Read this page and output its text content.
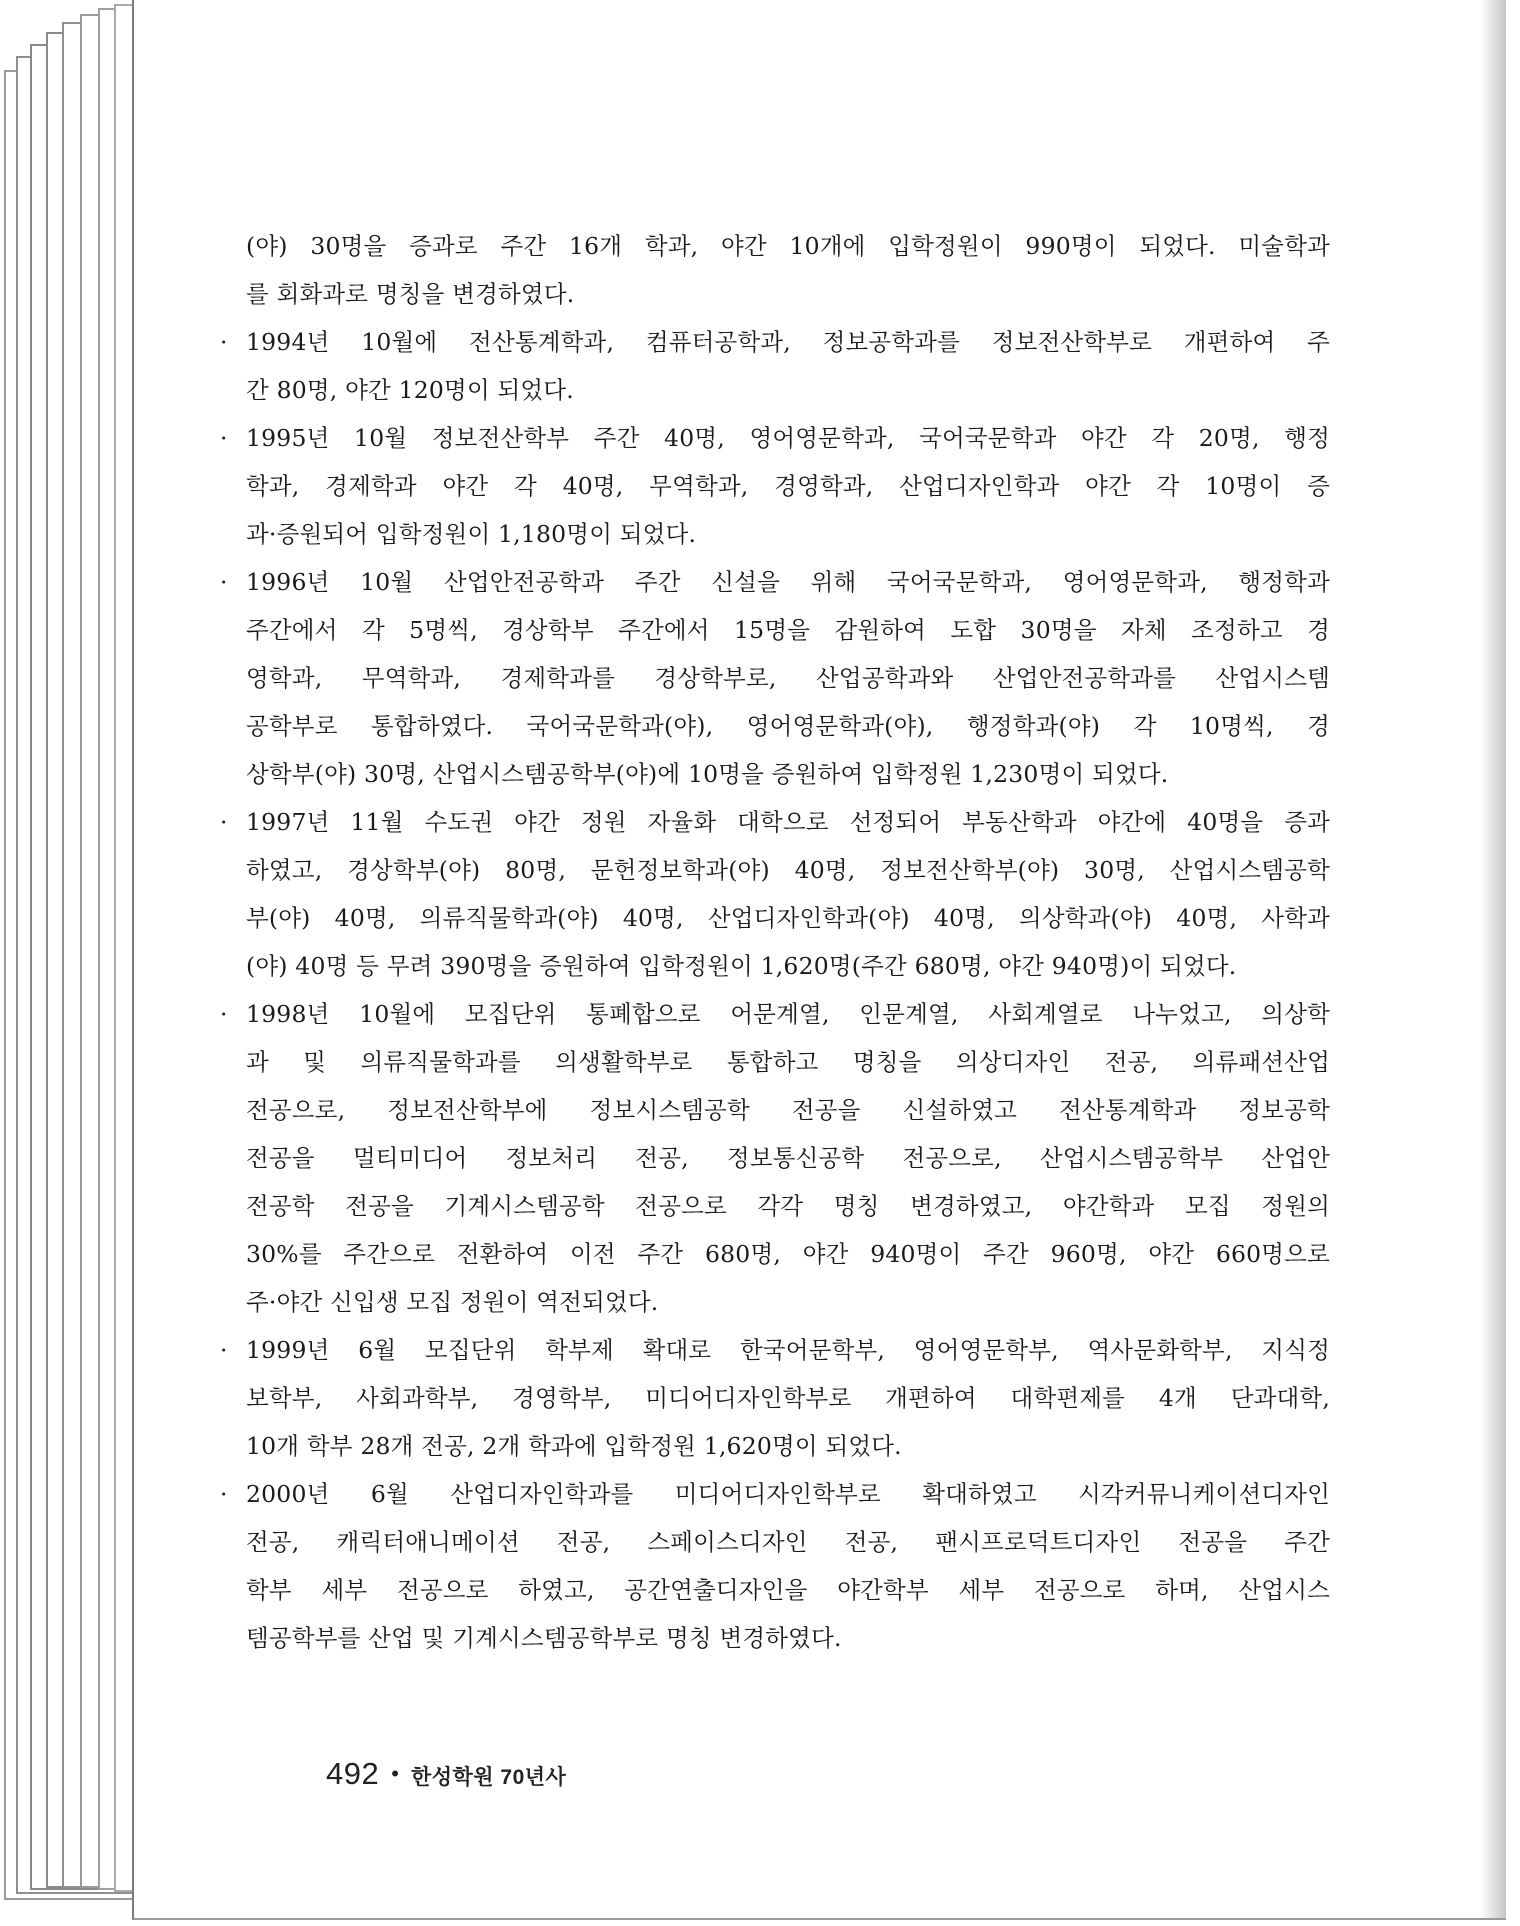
(야) 30명을 증과로 주간 16개 학과, 야간 10개에 입학정원이 990명이 되었다. 미술학과
를 회화과로 명칭을 변경하였다.
· 1994년 10월에 전산통계학과, 컴퓨터공학과, 정보공학과를 정보전산학부로 개편하여 주
간 80명, 야간 120명이 되었다.
· 1995년 10월 정보전산학부 주간 40명, 영어영문학과, 국어국문학과 야간 각 20명, 행정
학과, 경제학과 야간 각 40명, 무역학과, 경영학과, 산업디자인학과 야간 각 10명이 증
과·증원되어 입학정원이 1,180명이 되었다.
· 1996년 10월 산업안전공학과 주간 신설을 위해 국어국문학과, 영어영문학과, 행정학과
주간에서 각 5명씩, 경상학부 주간에서 15명을 감원하여 도합 30명을 자체 조정하고 경
영학과, 무역학과, 경제학과를 경상학부로, 산업공학과와 산업안전공학과를 산업시스템
공학부로 통합하였다. 국어국문학과(야), 영어영문학과(야), 행정학과(야) 각 10명씩, 경
상학부(야) 30명, 산업시스템공학부(야)에 10명을 증원하여 입학정원 1,230명이 되었다.
· 1997년 11월 수도권 야간 정원 자율화 대학으로 선정되어 부동산학과 야간에 40명을 증과
하였고, 경상학부(야) 80명, 문헌정보학과(야) 40명, 정보전산학부(야) 30명, 산업시스템공학
부(야) 40명, 의류직물학과(야) 40명, 산업디자인학과(야) 40명, 의상학과(야) 40명, 사학과
(야) 40명 등 무려 390명을 증원하여 입학정원이 1,620명(주간 680명, 야간 940명)이 되었다.
· 1998년 10월에 모집단위 통폐합으로 어문계열, 인문계열, 사회계열로 나누었고, 의상학
과 및 의류직물학과를 의생활학부로 통합하고 명칭을 의상디자인 전공, 의류패션산업
전공으로, 정보전산학부에 정보시스템공학 전공을 신설하였고 전산통계학과 정보공학
전공을 멀티미디어 정보처리 전공, 정보통신공학 전공으로, 산업시스템공학부 산업안
전공학 전공을 기계시스템공학 전공으로 각각 명칭 변경하였고, 야간학과 모집 정원의
30%를 주간으로 전환하여 이전 주간 680명, 야간 940명이 주간 960명, 야간 660명으로
주·야간 신입생 모집 정원이 역전되었다.
· 1999년 6월 모집단위 학부제 확대로 한국어문학부, 영어영문학부, 역사문화학부, 지식정
보학부, 사회과학부, 경영학부, 미디어디자인학부로 개편하여 대학편제를 4개 단과대학,
10개 학부 28개 전공, 2개 학과에 입학정원 1,620명이 되었다.
· 2000년 6월 산업디자인학과를 미디어디자인학부로 확대하였고 시각커뮤니케이션디자인
전공, 캐릭터애니메이션 전공, 스페이스디자인 전공, 팬시프로덕트디자인 전공을 주간
학부 세부 전공으로 하였고, 공간연출디자인을 야간학부 세부 전공으로 하며, 산업시스
템공학부를 산업 및 기계시스템공학부로 명칭 변경하였다.
492 • 한성학원 70년사
